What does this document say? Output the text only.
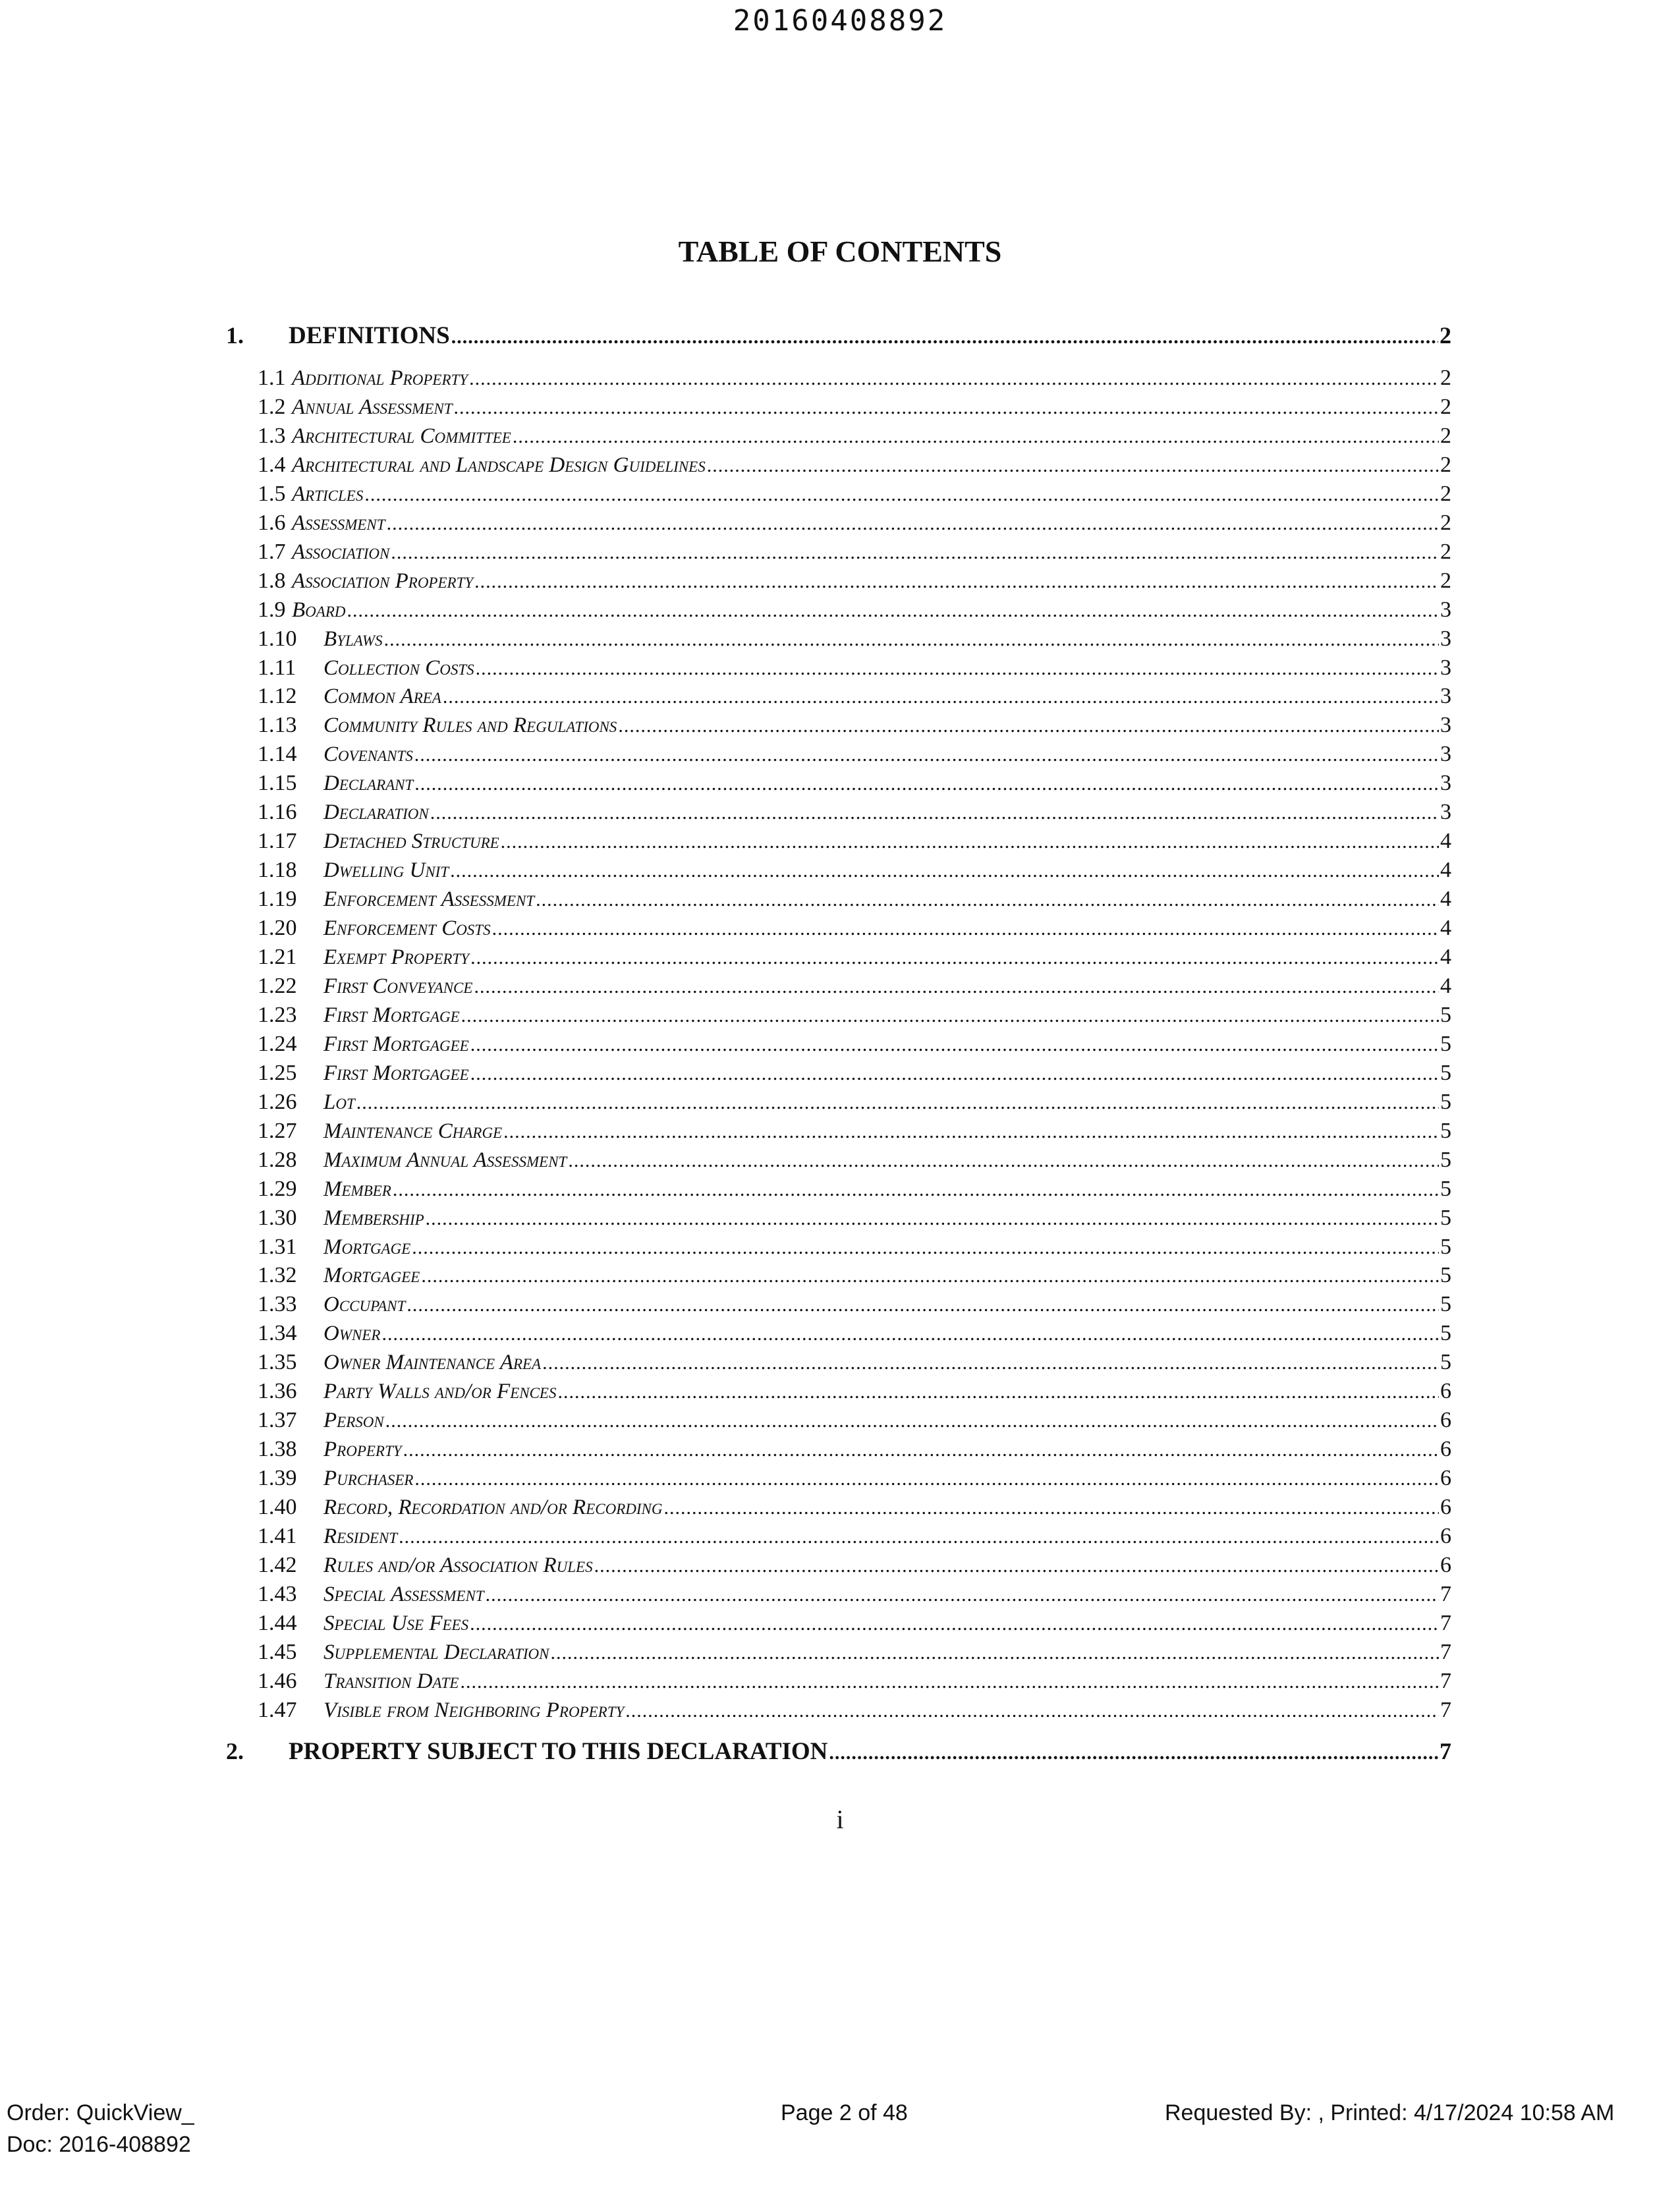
20160408892
TABLE OF CONTENTS
1.	DEFINITIONS .....	2
1.1 Additional Property .....	2
1.2 Annual Assessment .....	2
1.3 Architectural Committee .....	2
1.4 Architectural and Landscape Design Guidelines .....	2
1.5 Articles .....	2
1.6 Assessment .....	2
1.7 Association .....	2
1.8 Association Property .....	2
1.9 Board .....	3
1.10	Bylaws .....	3
1.11	Collection Costs .....	3
1.12	Common Area .....	3
1.13	Community Rules and Regulations .....	3
1.14	Covenants .....	3
1.15	Declarant .....	3
1.16	Declaration .....	3
1.17	Detached Structure .....	4
1.18	Dwelling Unit .....	4
1.19	Enforcement Assessment .....	4
1.20	Enforcement Costs .....	4
1.21	Exempt Property .....	4
1.22	First Conveyance .....	4
1.23	First Mortgage .....	5
1.24	First Mortgagee .....	5
1.25	First Mortgagee .....	5
1.26	Lot .....	5
1.27	Maintenance Charge .....	5
1.28	Maximum Annual Assessment .....	5
1.29	Member .....	5
1.30	Membership .....	5
1.31	Mortgage .....	5
1.32	Mortgagee .....	5
1.33	Occupant .....	5
1.34	Owner .....	5
1.35	Owner Maintenance Area .....	5
1.36	Party Walls and/or Fences .....	6
1.37	Person .....	6
1.38	Property .....	6
1.39	Purchaser .....	6
1.40	Record, Recordation and/or Recording .....	6
1.41	Resident .....	6
1.42	Rules and/or Association Rules .....	6
1.43	Special Assessment .....	7
1.44	Special Use Fees .....	7
1.45	Supplemental Declaration .....	7
1.46	Transition Date .....	7
1.47	Visible from Neighboring Property .....	7
2.	PROPERTY SUBJECT TO THIS DECLARATION .....	7
i
Order: QuickView_
Doc: 2016-408892
Page 2 of 48	Requested By: , Printed: 4/17/2024 10:58 AM
